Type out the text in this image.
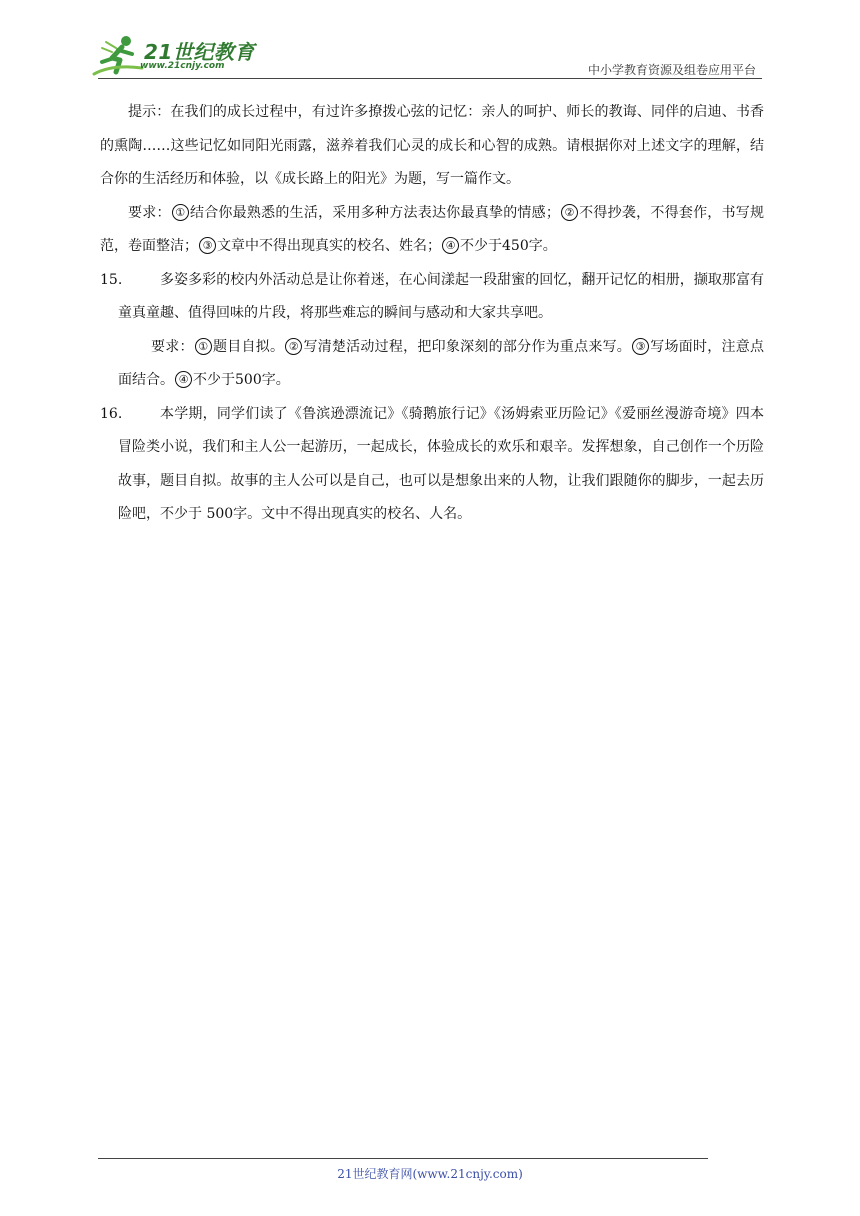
21世纪教育
www.21cnjy.com	中小学教育资源及组卷应用平台

提示：在我们的成长过程中，有过许多撩拨心弦的记忆：亲人的呵护、师长的教诲、同伴的启迪、书香的熏陶……这些记忆如同阳光雨露，滋养着我们心灵的成长和心智的成熟。请根据你对上述文字的理解，结合你的生活经历和体验，以《成长路上的阳光》为题，写一篇作文。

要求： ① 结合你最熟悉的生活，采用多种方法表达你最真挚的情感； ② 不得抄袭，不得套作，书写规范，卷面整洁； ③ 文章中不得出现真实的校名、姓名； ④ 不少于450字。

15.	多姿多彩的校内外活动总是让你着迷，在心间漾起一段甜蜜的回忆，翻开记忆的相册，撷取那富有童真童趣、值得回味的片段，将那些难忘的瞬间与感动和大家共享吧。

要求： ① 题目自拟。 ② 写清楚活动过程，把印象深刻的部分作为重点来写。 ③ 写场面时，注意点面结合。 ④ 不少于500字。

16.	本学期，同学们读了《鲁滨逊漂流记》《骑鹅旅行记》《汤姆索亚历险记》《爱丽丝漫游奇境》四本冒险类小说，我们和主人公一起游历，一起成长，体验成长的欢乐和艰辛。发挥想象，自己创作一个历险故事，题目自拟。故事的主人公可以是自己，也可以是想象出来的人物，让我们跟随你的脚步，一起去历险吧，不少于 500字。文中不得出现真实的校名、人名。

21世纪教育网(www.21cnjy.com)
